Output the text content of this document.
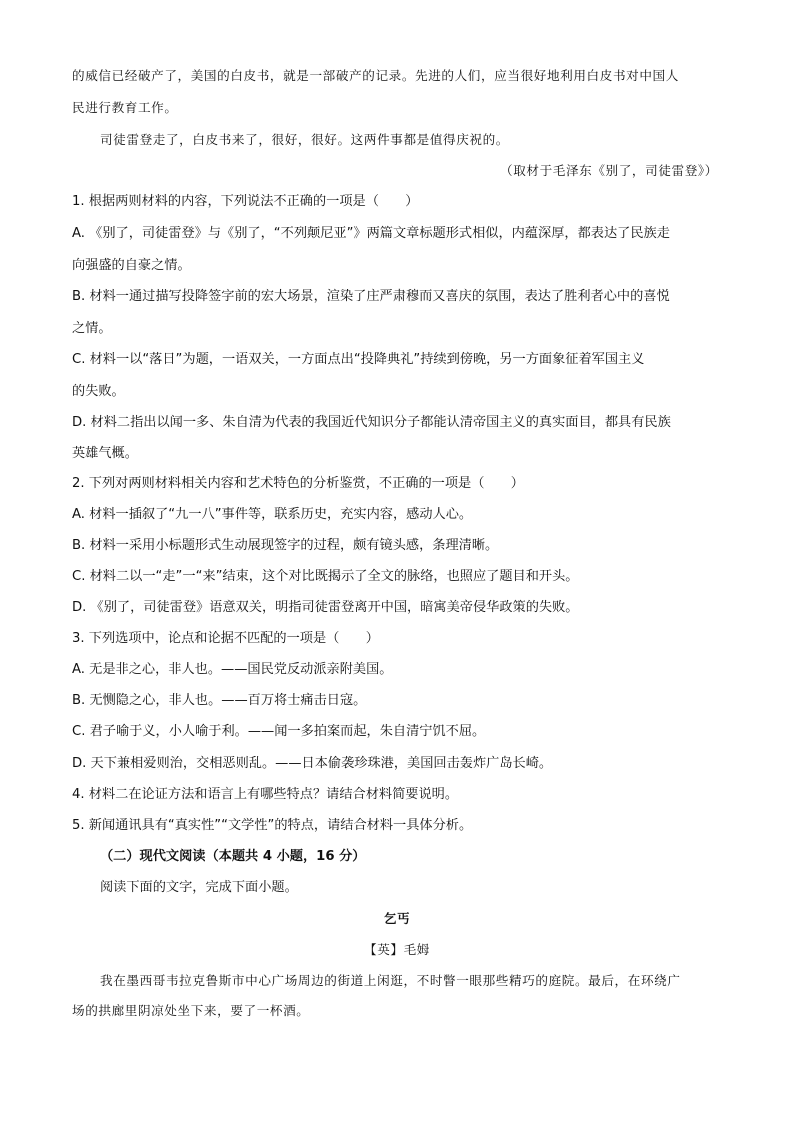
的威信已经破产了，美国的白皮书，就是一部破产的记录。先进的人们，应当很好地利用白皮书对中国人
民进行教育工作。
司徒雷登走了，白皮书来了，很好，很好。这两件事都是值得庆祝的。
（取材于毛泽东《别了，司徒雷登》）
1. 根据两则材料的内容，下列说法不正确的一项是（　　）
A. 《别了，司徒雷登》与《别了，“不列颠尼亚”》两篇文章标题形式相似，内蕴深厚，都表达了民族走
向强盛的自豪之情。
B. 材料一通过描写投降签字前的宏大场景，渲染了庄严肃穆而又喜庆的氛围，表达了胜利者心中的喜悦
之情。
C. 材料一以“落日”为题，一语双关，一方面点出“投降典礼”持续到傍晚，另一方面象征着军国主义
的失败。
D. 材料二指出以闻一多、朱自清为代表的我国近代知识分子都能认清帝国主义的真实面目，都具有民族
英雄气概。
2. 下列对两则材料相关内容和艺术特色的分析鉴赏，不正确的一项是（　　）
A. 材料一插叙了“九一八”事件等，联系历史，充实内容，感动人心。
B. 材料一采用小标题形式生动展现签字的过程，颇有镜头感，条理清晰。
C. 材料二以一“走”一“来”结束，这个对比既揭示了全文的脉络，也照应了题目和开头。
D. 《别了，司徒雷登》语意双关，明指司徒雷登离开中国，暗寓美帝侵华政策的失败。
3. 下列选项中，论点和论据不匹配的一项是（　　）
A. 无是非之心，非人也。——国民党反动派亲附美国。
B. 无恻隐之心，非人也。——百万将士痛击日寇。
C. 君子喻于义，小人喻于利。——闻一多拍案而起，朱自清宁饥不屈。
D. 天下兼相爱则治，交相恶则乱。——日本偷袭珍珠港，美国回击轰炸广岛长崎。
4. 材料二在论证方法和语言上有哪些特点？请结合材料简要说明。
5. 新闻通讯具有“真实性”“文学性”的特点，请结合材料一具体分析。
（二）现代文阅读（本题共 4 小题，16 分）
阅读下面的文字，完成下面小题。
乞丐
【英】毛姆
我在墨西哥韦拉克鲁斯市中心广场周边的街道上闲逛，不时瞥一眼那些精巧的庭院。最后，在环绕广
场的拱廊里阴凉处坐下来，要了一杯酒。
